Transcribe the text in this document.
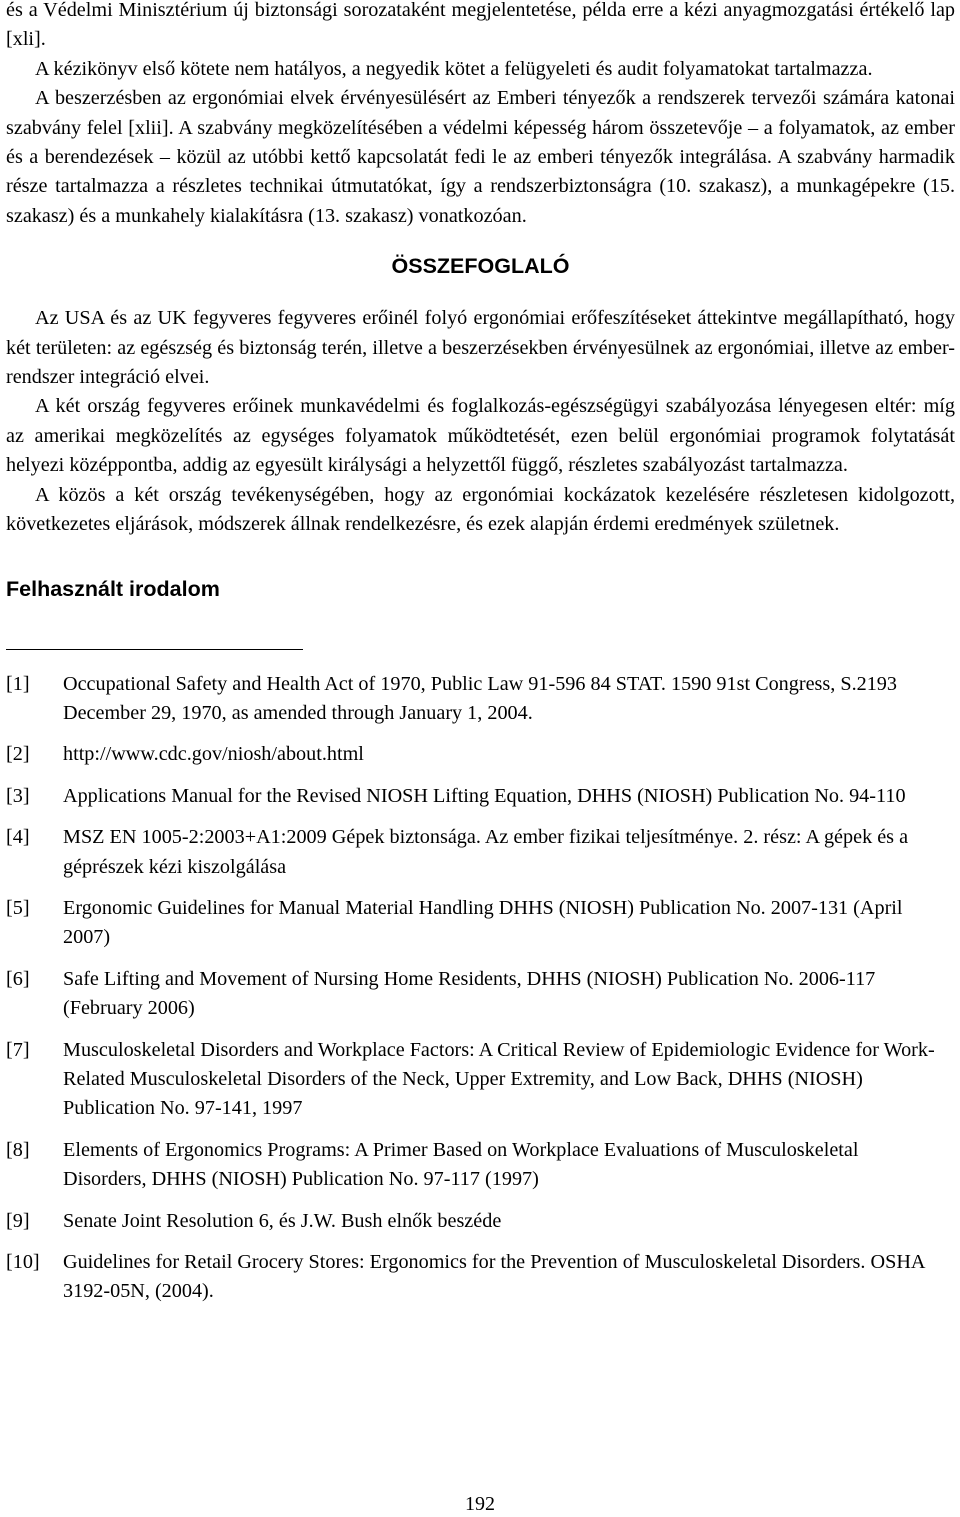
és a Védelmi Minisztérium új biztonsági sorozataként megjelentetése, példa erre a kézi anyagmozgatási értékelő lap [xli].

A kézikönyv első kötete nem hatályos, a negyedik kötet a felügyeleti és audit folyamatokat tartalmazza.

A beszerzésben az ergonómiai elvek érvényesülésért az Emberi tényezők a rendszerek tervezői számára katonai szabvány felel [xlii]. A szabvány megközelítésében a védelmi képesség három összetevője – a folyamatok, az ember és a berendezések – közül az utóbbi kettő kapcsolatát fedi le az emberi tényezők integrálása. A szabvány harmadik része tartalmazza a részletes technikai útmutatókat, így a rendszerbiztonságra (10. szakasz), a munkagépekre (15. szakasz) és a munkahely kialakításra (13. szakasz) vonatkozóan.

ÖSSZEFOGLALÓ

Az USA és az UK fegyveres fegyveres erőinél folyó ergonómiai erőfeszítéseket áttekintve megállapítható, hogy két területen: az egészség és biztonság terén, illetve a beszerzésekben érvényesülnek az ergonómiai, illetve az ember-rendszer integráció elvei.

A két ország fegyveres erőinek munkavédelmi és foglalkozás-egészségügyi szabályozása lényegesen eltér: míg az amerikai megközelítés az egységes folyamatok működtetését, ezen belül ergonómiai programok folytatását helyezi középpontba, addig az egyesült királysági a helyzettől függő, részletes szabályozást tartalmazza.

A közös a két ország tevékenységében, hogy az ergonómiai kockázatok kezelésére részletesen kidolgozott, következetes eljárások, módszerek állnak rendelkezésre, és ezek alapján érdemi eredmények születnek.

Felhasznált irodalom
[1]	Occupational Safety and Health Act of 1970, Public Law 91-596 84 STAT. 1590 91st Congress, S.2193 December 29, 1970, as amended through January 1, 2004.
[2]	http://www.cdc.gov/niosh/about.html
[3]	Applications Manual for the Revised NIOSH Lifting Equation, DHHS (NIOSH) Publication No. 94-110
[4]	MSZ EN 1005-2:2003+A1:2009 Gépek biztonsága. Az ember fizikai teljesítménye. 2. rész: A gépek és a géprészek kézi kiszolgálása
[5]	Ergonomic Guidelines for Manual Material Handling DHHS (NIOSH) Publication No. 2007-131 (April 2007)
[6]	Safe Lifting and Movement of Nursing Home Residents, DHHS (NIOSH) Publication No. 2006-117 (February 2006)
[7]	Musculoskeletal Disorders and Workplace Factors: A Critical Review of Epidemiologic Evidence for Work-Related Musculoskeletal Disorders of the Neck, Upper Extremity, and Low Back, DHHS (NIOSH) Publication No. 97-141, 1997
[8]	Elements of Ergonomics Programs: A Primer Based on Workplace Evaluations of Musculoskeletal Disorders, DHHS (NIOSH) Publication No. 97-117 (1997)
[9]	Senate Joint Resolution 6, és J.W. Bush elnők beszéde
[10]	Guidelines for Retail Grocery Stores: Ergonomics for the Prevention of Musculoskeletal Disorders. OSHA 3192-05N, (2004).
192
